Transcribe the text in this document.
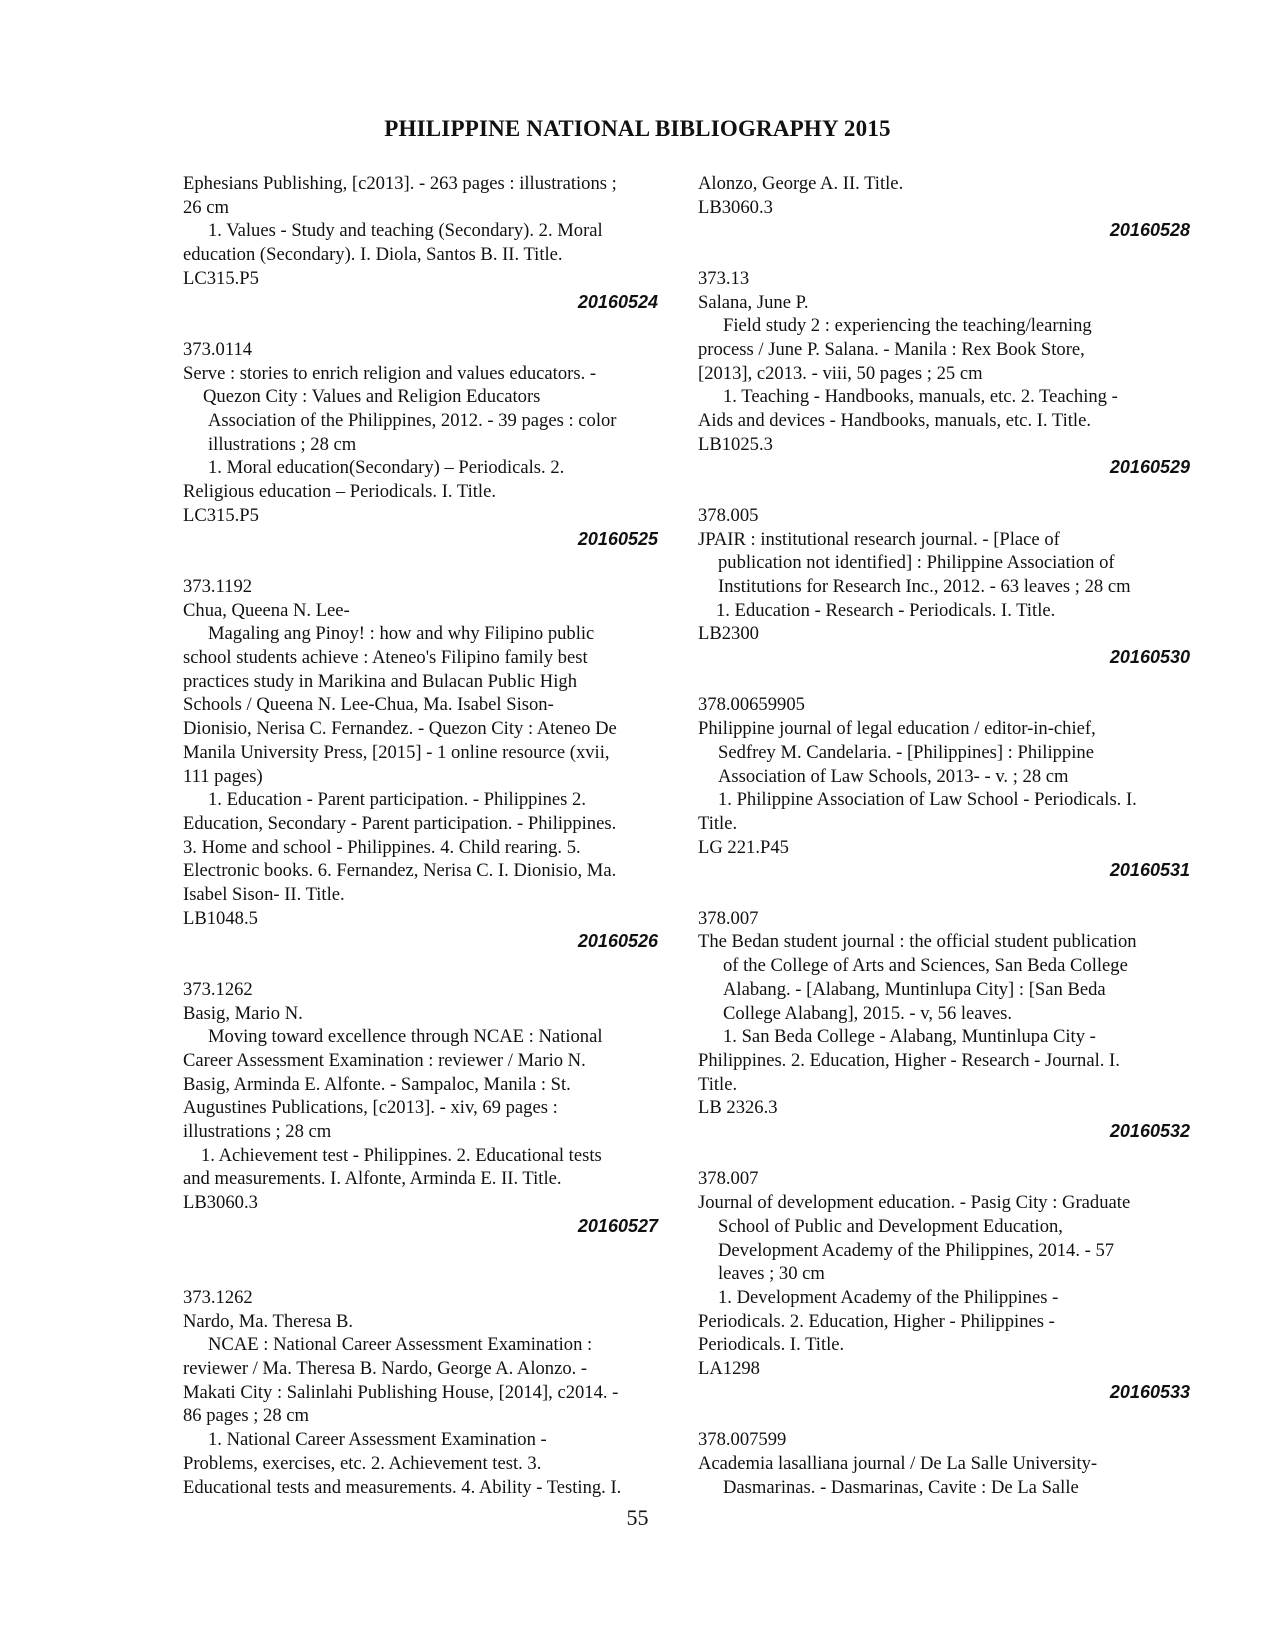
PHILIPPINE NATIONAL BIBLIOGRAPHY 2015
Ephesians Publishing, [c2013]. - 263 pages : illustrations ;
26 cm
1. Values - Study and teaching (Secondary). 2. Moral
education (Secondary). I. Diola, Santos B. II. Title.
LC315.P5
20160524
373.0114
Serve : stories to enrich religion and values educators. -
Quezon City : Values and Religion Educators
Association of the Philippines, 2012. - 39 pages : color
illustrations ; 28 cm
1. Moral education(Secondary) – Periodicals. 2.
Religious education – Periodicals. I. Title.
LC315.P5
20160525
373.1192
Chua, Queena N. Lee-
Magaling ang Pinoy! : how and why Filipino public
school students achieve : Ateneo's Filipino family best
practices study in Marikina and Bulacan Public High
Schools / Queena N. Lee-Chua, Ma. Isabel Sison-
Dionisio, Nerisa C. Fernandez. - Quezon City : Ateneo De
Manila University Press, [2015] - 1 online resource (xvii,
111 pages)
1. Education - Parent participation. - Philippines 2.
Education, Secondary - Parent participation. - Philippines.
3. Home and school - Philippines. 4. Child rearing. 5.
Electronic books. 6. Fernandez, Nerisa C. I. Dionisio, Ma.
Isabel Sison- II. Title.
LB1048.5
20160526
373.1262
Basig, Mario N.
Moving toward excellence through NCAE : National
Career Assessment Examination : reviewer / Mario N.
Basig, Arminda E. Alfonte. - Sampaloc, Manila : St.
Augustines Publications, [c2013]. - xiv, 69 pages :
illustrations ; 28 cm
1. Achievement test - Philippines. 2. Educational tests
and measurements. I. Alfonte, Arminda E. II. Title.
LB3060.3
20160527
373.1262
Nardo, Ma. Theresa B.
NCAE : National Career Assessment Examination :
reviewer / Ma. Theresa B. Nardo, George A. Alonzo. -
Makati City : Salinlahi Publishing House, [2014], c2014. -
86 pages ; 28 cm
1. National Career Assessment Examination -
Problems, exercises, etc. 2. Achievement test. 3.
Educational tests and measurements. 4. Ability - Testing. I.
Alonzo, George A. II. Title.
LB3060.3
20160528
373.13
Salana, June P.
Field study 2 : experiencing the teaching/learning
process / June P. Salana. - Manila : Rex Book Store,
[2013], c2013. - viii, 50 pages ; 25 cm
1. Teaching - Handbooks, manuals, etc. 2. Teaching -
Aids and devices - Handbooks, manuals, etc. I. Title.
LB1025.3
20160529
378.005
JPAIR : institutional research journal. - [Place of
publication not identified] : Philippine Association of
Institutions for Research Inc., 2012. - 63 leaves ; 28 cm
1. Education - Research - Periodicals. I. Title.
LB2300
20160530
378.00659905
Philippine journal of legal education / editor-in-chief,
Sedfrey M. Candelaria. - [Philippines] : Philippine
Association of Law Schools, 2013- - v. ; 28 cm
1. Philippine Association of Law School - Periodicals. I.
Title.
LG 221.P45
20160531
378.007
The Bedan student journal : the official student publication
of the College of Arts and Sciences, San Beda College
Alabang. - [Alabang, Muntinlupa City] : [San Beda
College Alabang], 2015. - v, 56 leaves.
1. San Beda College - Alabang, Muntinlupa City -
Philippines. 2. Education, Higher - Research - Journal. I.
Title.
LB 2326.3
20160532
378.007
Journal of development education. - Pasig City : Graduate
School of Public and Development Education,
Development Academy of the Philippines, 2014. - 57
leaves ; 30 cm
1. Development Academy of the Philippines -
Periodicals. 2. Education, Higher - Philippines -
Periodicals. I. Title.
LA1298
20160533
378.007599
Academia lasalliana journal / De La Salle University-
Dasmarinas. - Dasmarinas, Cavite : De La Salle
55
